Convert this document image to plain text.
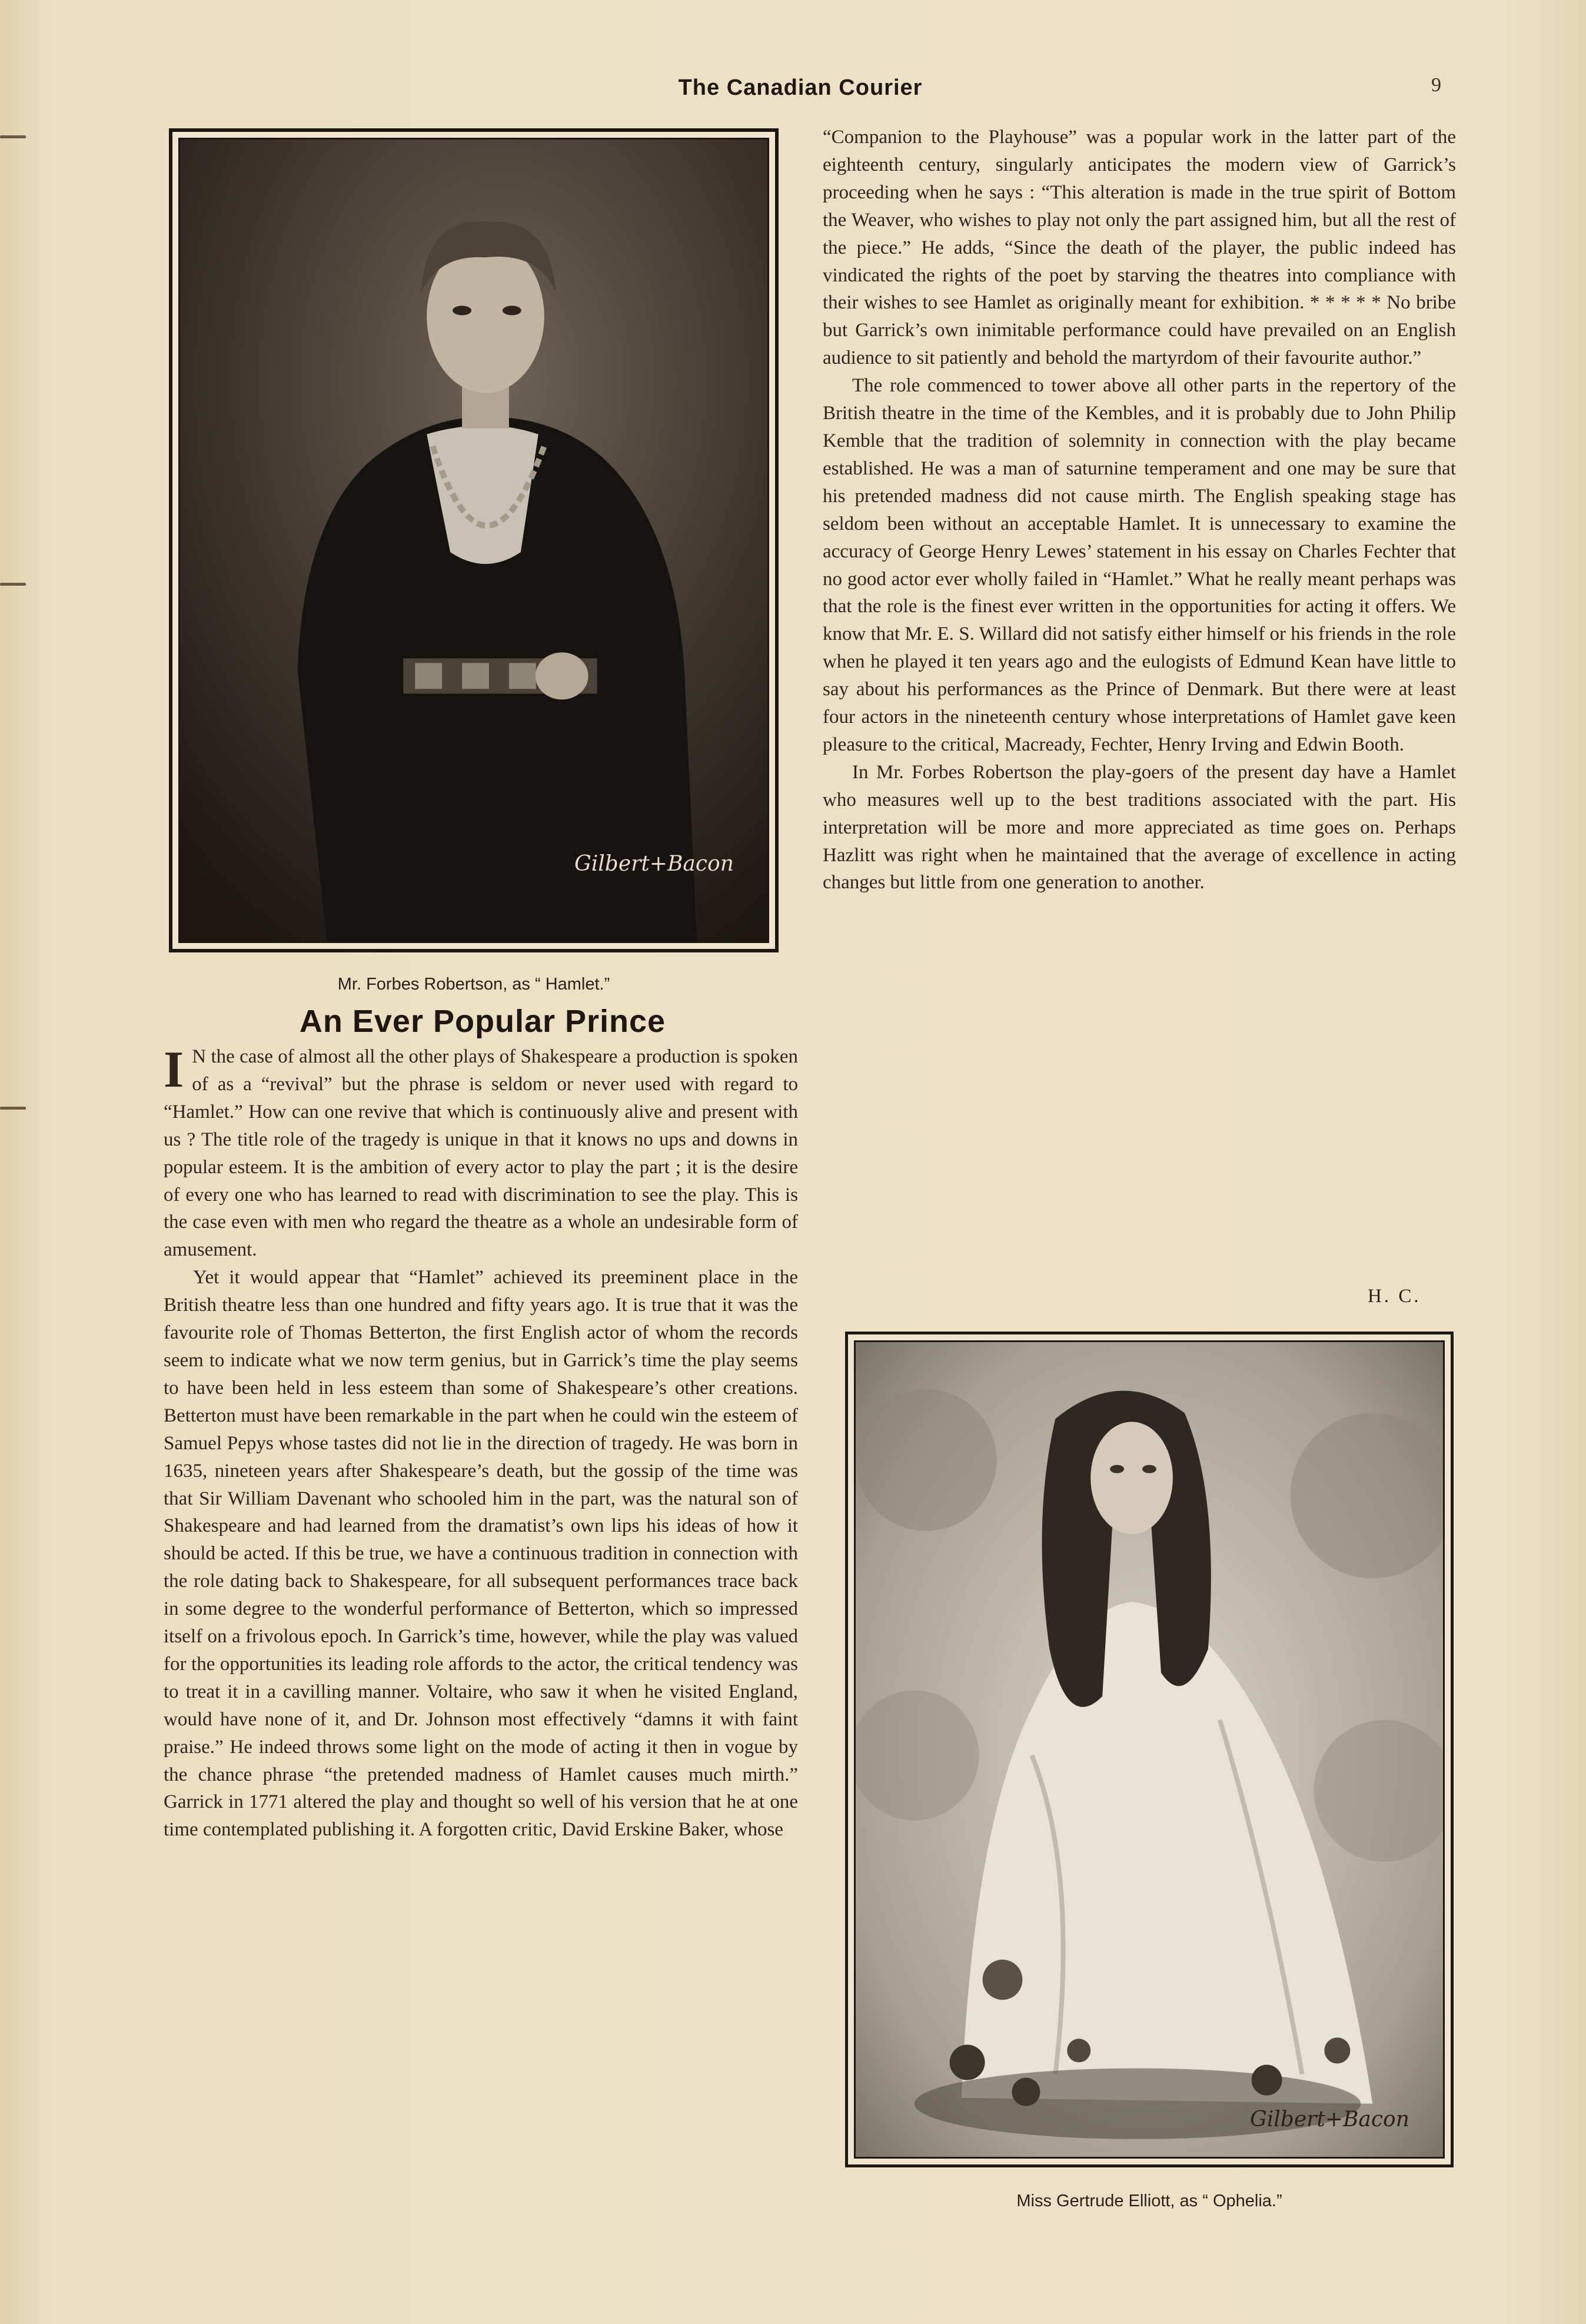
The Canadian Courier	9
Gilbert+Bacon
Mr. Forbes Robertson, as “ Hamlet.”
An Ever Popular Prince

I N the case of almost all the other plays of Shakespeare a production is spoken of as a “revival” but the phrase is seldom or never used with regard to “Hamlet.” How can one revive that which is continuously alive and present with us ? The title role of the tragedy is unique in that it knows no ups and downs in popular esteem. It is the ambition of every actor to play the part ; it is the desire of every one who has learned to read with discrimination to see the play. This is the case even with men who regard the theatre as a whole an undesirable form of amusement.

Yet it would appear that “Hamlet” achieved its preeminent place in the British theatre less than one hundred and fifty years ago. It is true that it was the favourite role of Thomas Betterton, the first English actor of whom the records seem to indicate what we now term genius, but in Garrick’s time the play seems to have been held in less esteem than some of Shakespeare’s other creations. Betterton must have been remarkable in the part when he could win the esteem of Samuel Pepys whose tastes did not lie in the direction of tragedy. He was born in 1635, nineteen years after Shakespeare’s death, but the gossip of the time was that Sir William Davenant who schooled him in the part, was the natural son of Shakespeare and had learned from the dramatist’s own lips his ideas of how it should be acted. If this be true, we have a continuous tradition in connection with the role dating back to Shakespeare, for all subsequent performances trace back in some degree to the wonderful performance of Betterton, which so impressed itself on a frivolous epoch. In Garrick’s time, however, while the play was valued for the opportunities its leading role affords to the actor, the critical tendency was to treat it in a cavilling manner. Voltaire, who saw it when he visited England, would have none of it, and Dr. Johnson most effectively “damns it with faint praise.” He indeed throws some light on the mode of acting it then in vogue by the chance phrase “the pretended madness of Hamlet causes much mirth.” Garrick in 1771 altered the play and thought so well of his version that he at one time contemplated publishing it. A forgotten critic, David Erskine Baker, whose

“Companion to the Playhouse” was a popular work in the latter part of the eighteenth century, singularly anticipates the modern view of Garrick’s proceeding when he says : “This alteration is made in the true spirit of Bottom the Weaver, who wishes to play not only the part assigned him, but all the rest of the piece.” He adds, “Since the death of the player, the public indeed has vindicated the rights of the poet by starving the theatres into compliance with their wishes to see Hamlet as originally meant for exhibition. * * * * * No bribe but Garrick’s own inimitable performance could have prevailed on an English audience to sit patiently and behold the martyrdom of their favourite author.”

The role commenced to tower above all other parts in the repertory of the British theatre in the time of the Kembles, and it is probably due to John Philip Kemble that the tradition of solemnity in connection with the play became established. He was a man of saturnine temperament and one may be sure that his pretended madness did not cause mirth. The English speaking stage has seldom been without an acceptable Hamlet. It is unnecessary to examine the accuracy of George Henry Lewes’ statement in his essay on Charles Fechter that no good actor ever wholly failed in “Hamlet.” What he really meant perhaps was that the role is the finest ever written in the opportunities for acting it offers. We know that Mr. E. S. Willard did not satisfy either himself or his friends in the role when he played it ten years ago and the eulogists of Edmund Kean have little to say about his performances as the Prince of Denmark. But there were at least four actors in the nineteenth century whose interpretations of Hamlet gave keen pleasure to the critical, Macready, Fechter, Henry Irving and Edwin Booth.

In Mr. Forbes Robertson the play-goers of the present day have a Hamlet who measures well up to the best traditions associated with the part. His interpretation will be more and more appreciated as time goes on. Perhaps Hazlitt was right when he maintained that the average of excellence in acting changes but little from one generation to another.

H. C.
Gilbert+Bacon
Miss Gertrude Elliott, as “ Ophelia.”
